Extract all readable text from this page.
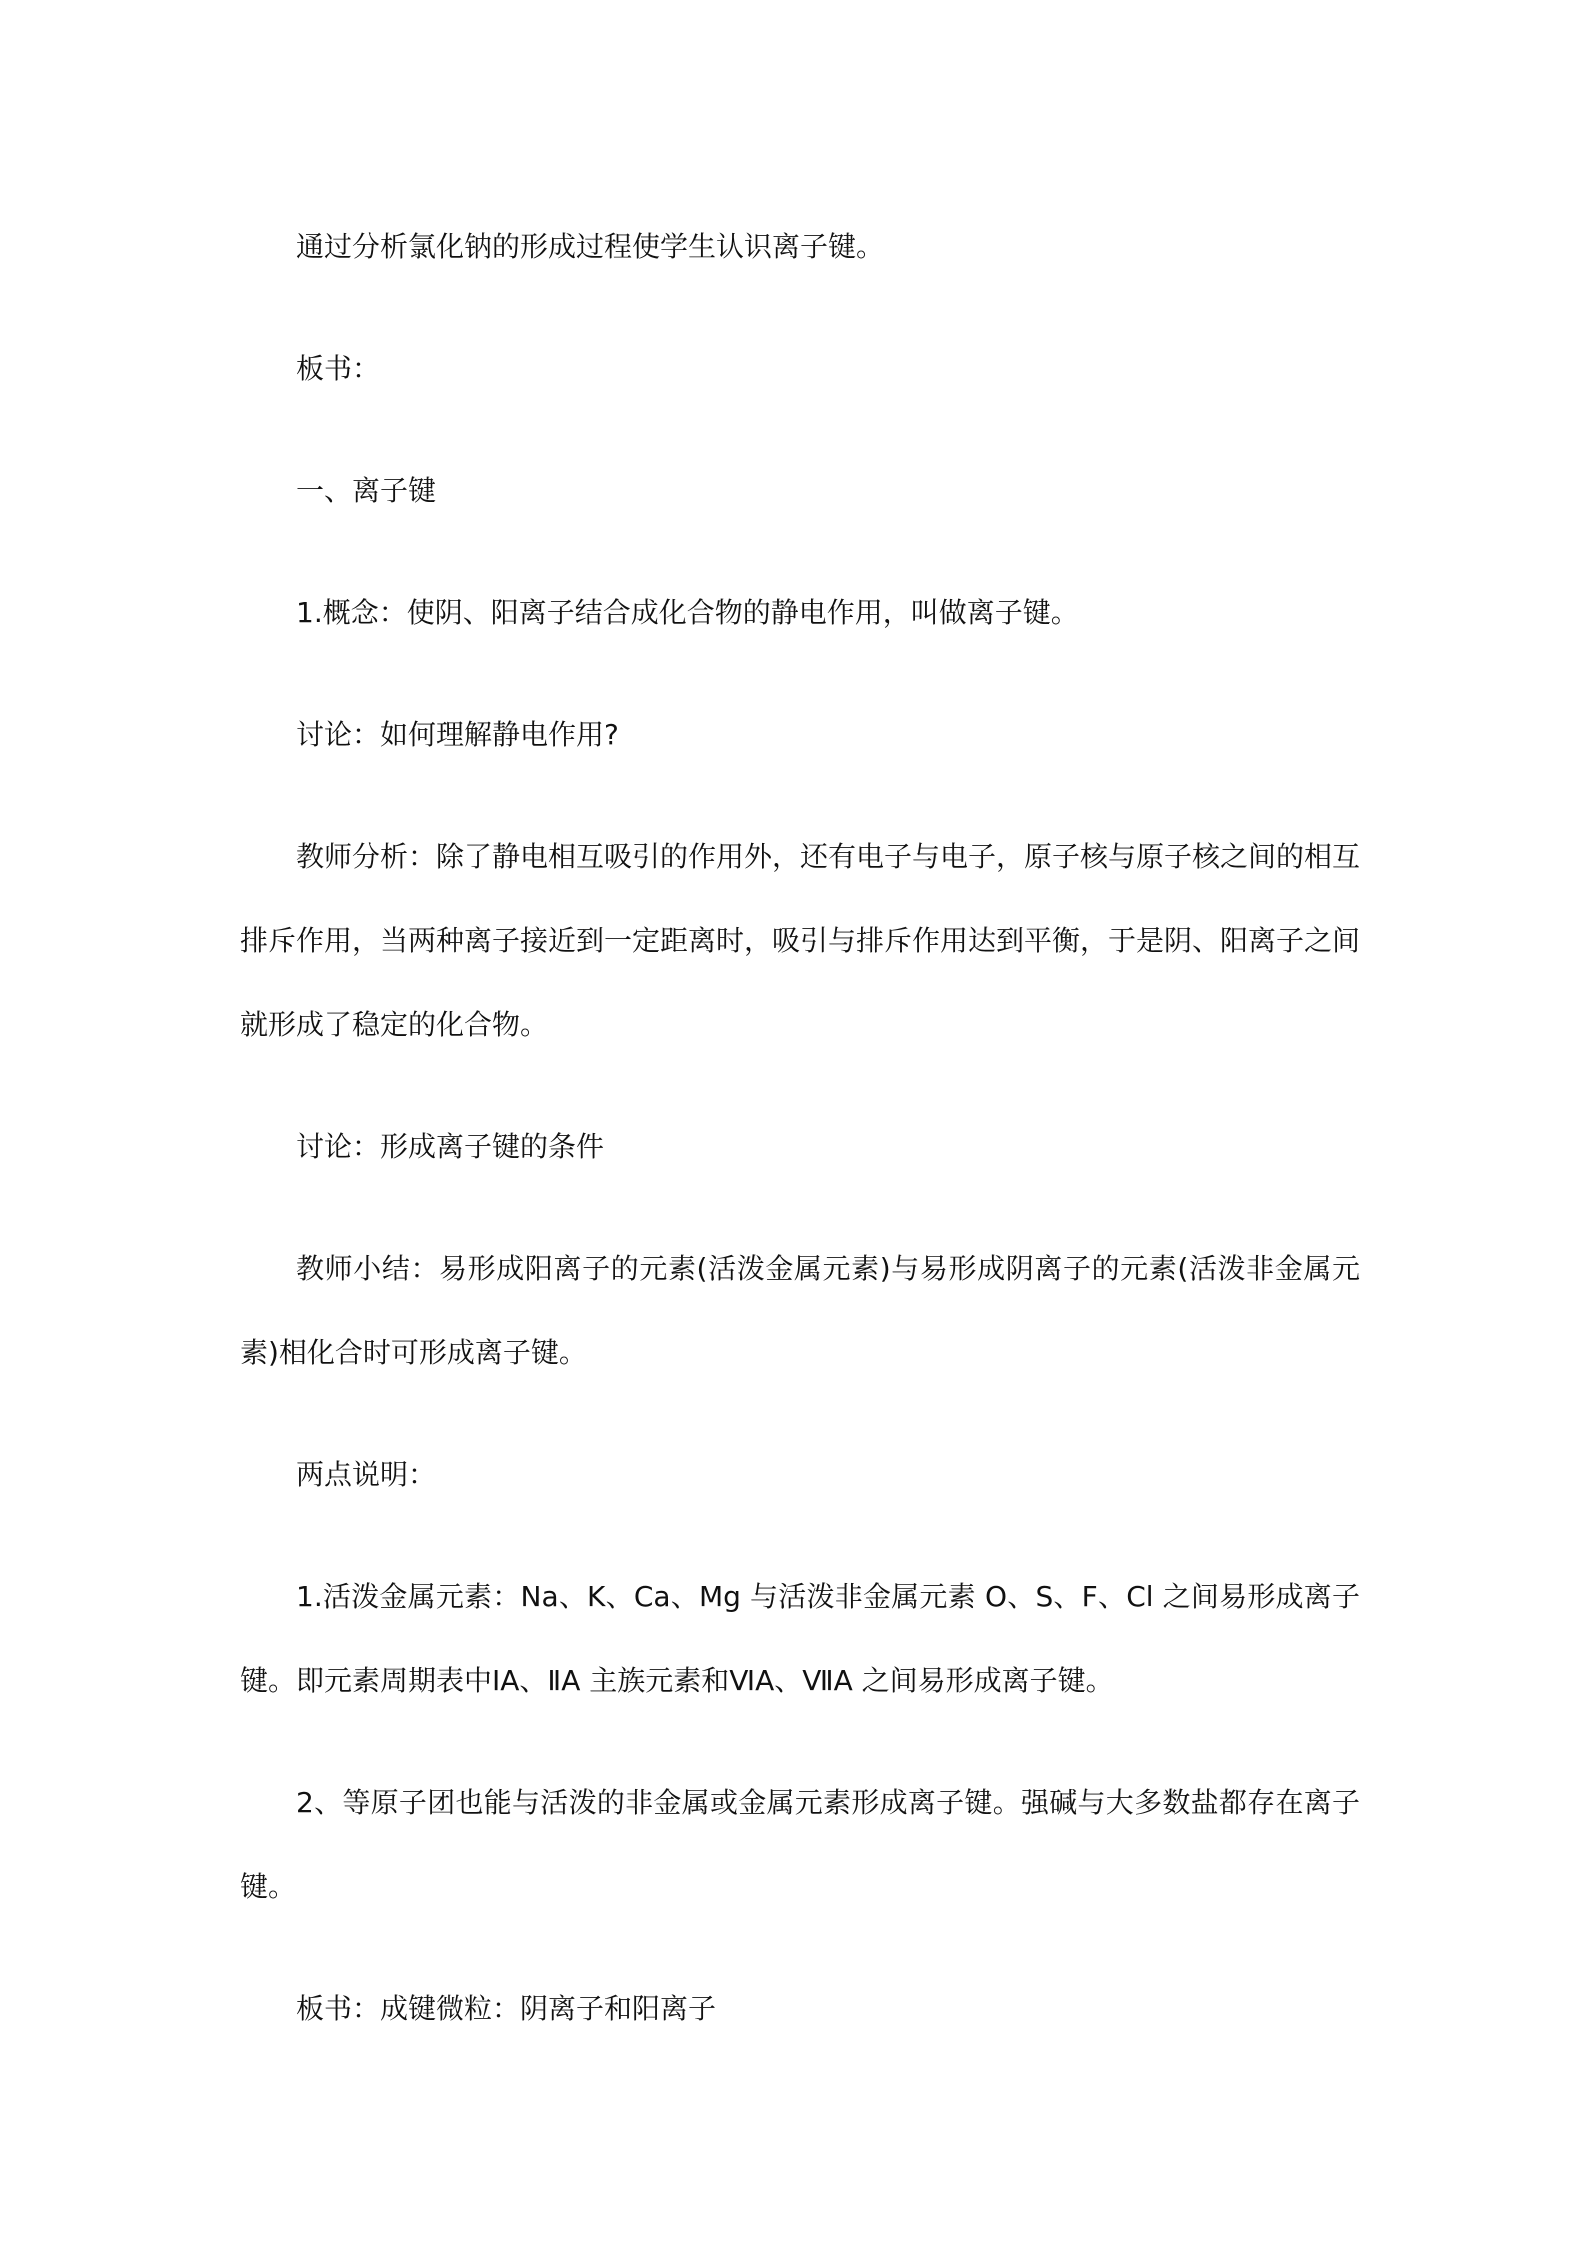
通过分析氯化钠的形成过程使学生认识离子键。

板书：

一、离子键

1.概念：使阴、阳离子结合成化合物的静电作用，叫做离子键。

讨论：如何理解静电作用?

教师分析：除了静电相互吸引的作用外，还有电子与电子，原子核与原子核之间的相互排斥作用，当两种离子接近到一定距离时，吸引与排斥作用达到平衡，于是阴、阳离子之间就形成了稳定的化合物。

讨论：形成离子键的条件

教师小结：易形成阳离子的元素(活泼金属元素)与易形成阴离子的元素(活泼非金属元素)相化合时可形成离子键。

两点说明：

1.活泼金属元素：Na、K、Ca、Mg 与活泼非金属元素 O、S、F、Cl 之间易形成离子键。即元素周期表中ⅠA、ⅡA 主族元素和ⅥA、ⅦA 之间易形成离子键。

2、等原子团也能与活泼的非金属或金属元素形成离子键。强碱与大多数盐都存在离子键。

板书：成键微粒：阴离子和阳离子
